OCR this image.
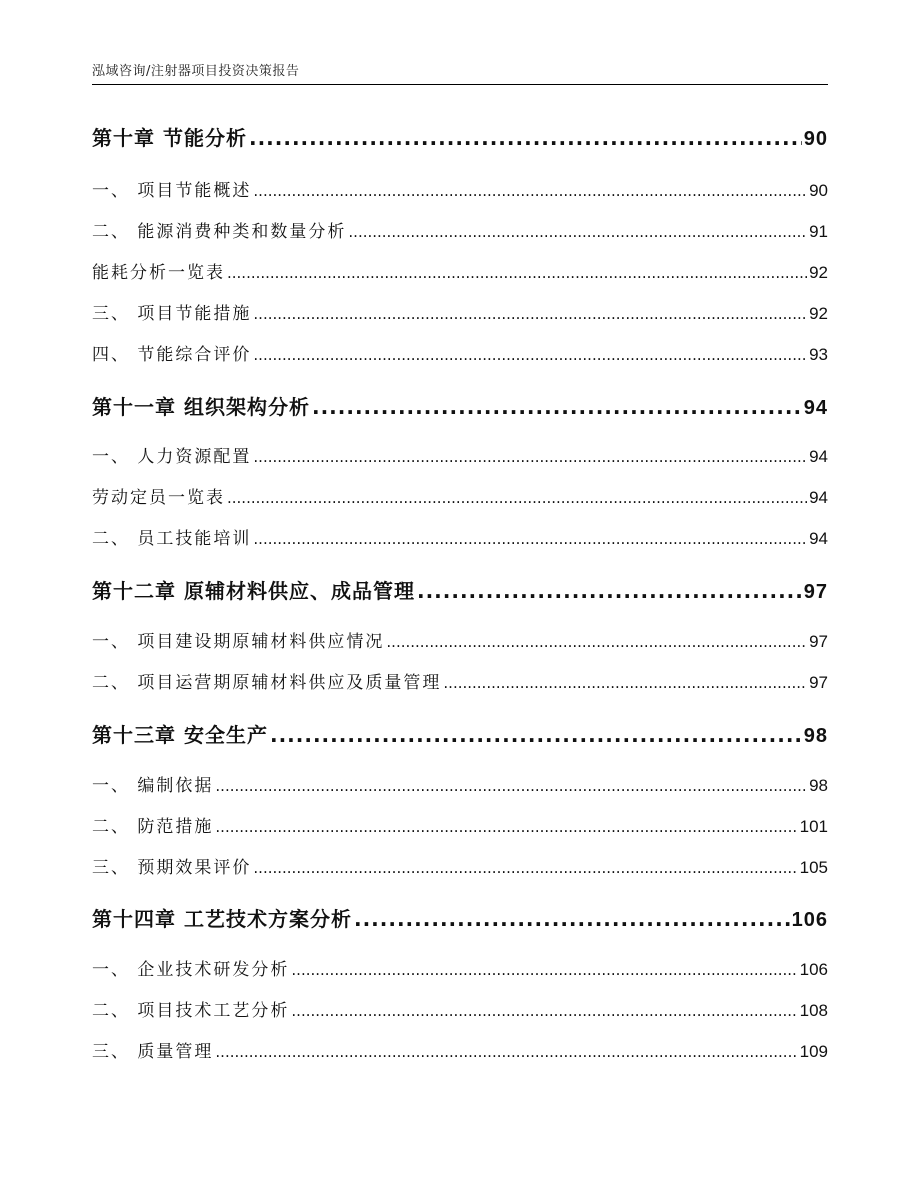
泓域咨询/注射器项目投资决策报告
第十章 节能分析 .....	90
一、 项目节能概述 .....	90
二、 能源消费种类和数量分析 .....	91
能耗分析一览表 .....	92
三、 项目节能措施 .....	92
四、 节能综合评价 .....	93
第十一章 组织架构分析 .....	94
一、 人力资源配置 .....	94
劳动定员一览表 .....	94
二、 员工技能培训 .....	94
第十二章 原辅材料供应、成品管理 .....	97
一、 项目建设期原辅材料供应情况 .....	97
二、 项目运营期原辅材料供应及质量管理 .....	97
第十三章 安全生产 .....	98
一、 编制依据 .....	98
二、 防范措施 .....	101
三、 预期效果评价 .....	105
第十四章 工艺技术方案分析 .....	106
一、 企业技术研发分析 .....	106
二、 项目技术工艺分析 .....	108
三、 质量管理 .....	109
